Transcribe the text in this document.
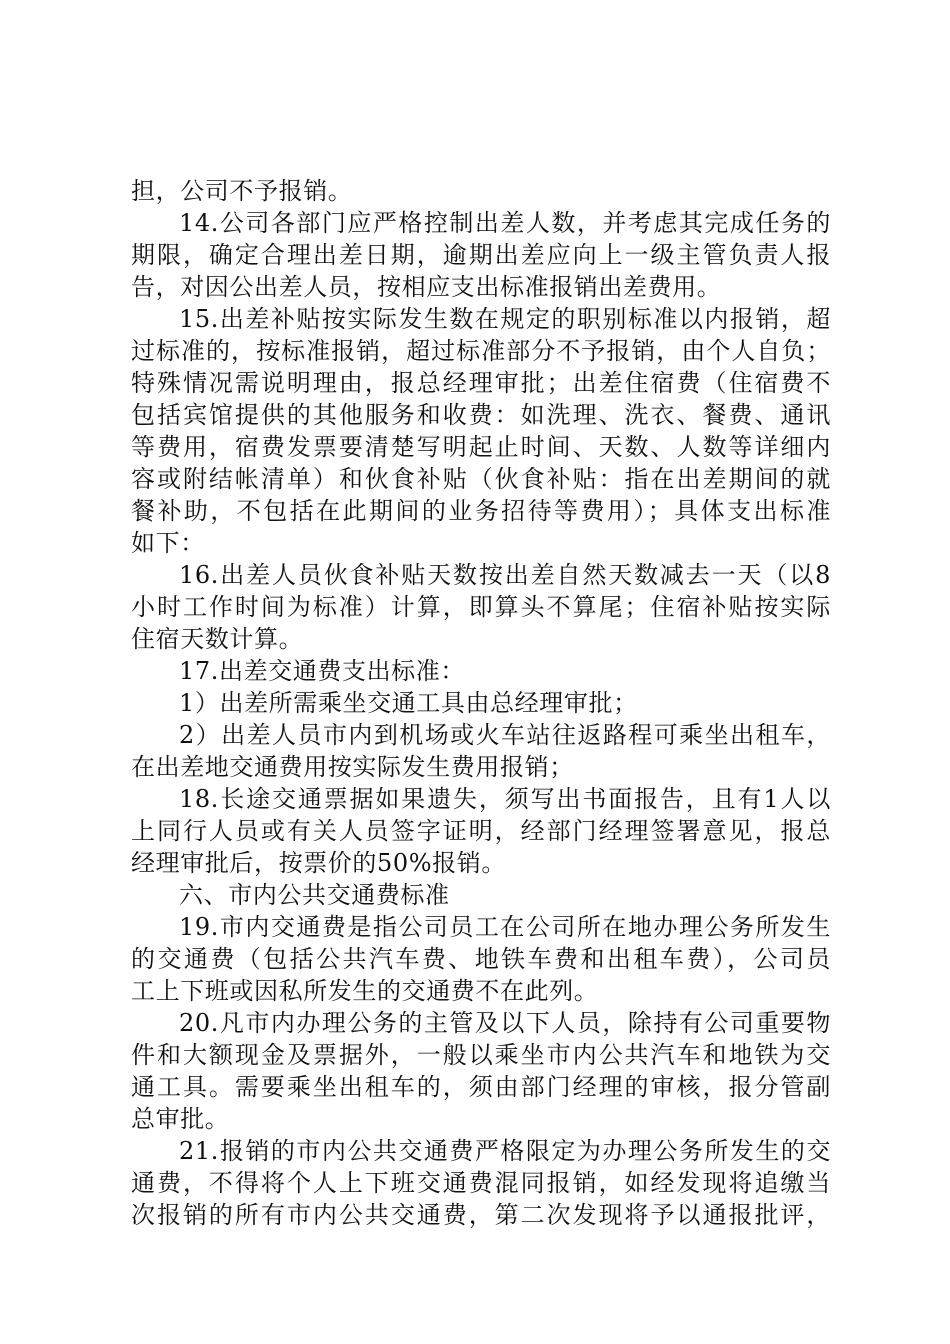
担，公司不予报销。
14.公司各部门应严格控制出差人数，并考虑其完成任务的
期限，确定合理出差日期，逾期出差应向上一级主管负责人报
告，对因公出差人员，按相应支出标准报销出差费用。
15.出差补贴按实际发生数在规定的职别标准以内报销，超
过标准的，按标准报销，超过标准部分不予报销，由个人自负；
特殊情况需说明理由，报总经理审批；出差住宿费（住宿费不
包括宾馆提供的其他服务和收费：如洗理、洗衣、餐费、通讯
等费用，宿费发票要清楚写明起止时间、天数、人数等详细内
容或附结帐清单）和伙食补贴（伙食补贴：指在出差期间的就
餐补助，不包括在此期间的业务招待等费用）；具体支出标准
如下：
16.出差人员伙食补贴天数按出差自然天数减去一天（以8
小时工作时间为标准）计算，即算头不算尾；住宿补贴按实际
住宿天数计算。
17.出差交通费支出标准：
1）出差所需乘坐交通工具由总经理审批；
2）出差人员市内到机场或火车站往返路程可乘坐出租车，
在出差地交通费用按实际发生费用报销；
18.长途交通票据如果遗失，须写出书面报告，且有1人以
上同行人员或有关人员签字证明，经部门经理签署意见，报总
经理审批后，按票价的50%报销。
六、市内公共交通费标准
19.市内交通费是指公司员工在公司所在地办理公务所发生
的交通费（包括公共汽车费、地铁车费和出租车费），公司员
工上下班或因私所发生的交通费不在此列。
20.凡市内办理公务的主管及以下人员，除持有公司重要物
件和大额现金及票据外，一般以乘坐市内公共汽车和地铁为交
通工具。需要乘坐出租车的，须由部门经理的审核，报分管副
总审批。
21.报销的市内公共交通费严格限定为办理公务所发生的交
通费，不得将个人上下班交通费混同报销，如经发现将追缴当
次报销的所有市内公共交通费，第二次发现将予以通报批评，
